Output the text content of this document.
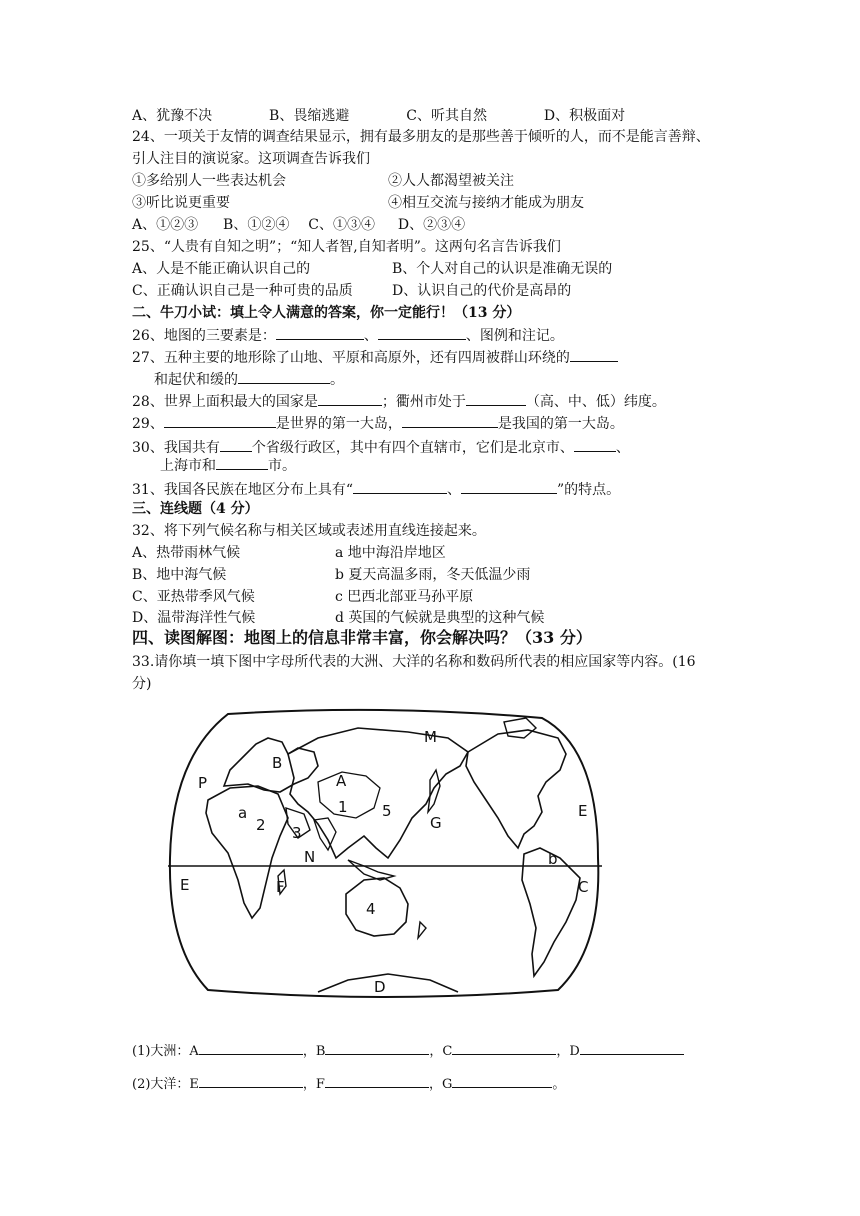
A、犹豫不决	B、畏缩逃避	C、听其自然	D、积极面对
24、一项关于友情的调查结果显示，拥有最多朋友的是那些善于倾听的人，而不是能言善辩、
引人注目的演说家。这项调查告诉我们
①多给别人一些表达机会	②人人都渴望被关注
③听比说更重要	④相互交流与接纳才能成为朋友
A、①②③ B、①②④ C、①③④ D、②③④
25、“人贵有自知之明”；“知人者智,自知者明”。这两句名言告诉我们
A、人是不能正确认识自己的	B、个人对自己的认识是准确无误的
C、正确认识自己是一种可贵的品质	D、认识自己的代价是高昂的
二、牛刀小试：填上令人满意的答案，你一定能行！（13 分）
26、地图的三要素是：	、	、图例和注记。
27、五种主要的地形除了山地、平原和高原外，还有四周被群山环绕的
和起伏和缓的	。
28、世界上面积最大的国家是	；衢州市处于	（高、中、低）纬度。
29、	是世界的第一大岛，	是我国的第一大岛。
30、我国共有 个省级行政区，其中有四个直辖市，它们是北京市、	、
上海市和	市。
31、我国各民族在地区分布上具有“	、	”的特点。
三、连线题（4 分）
32、将下列气候名称与相关区域或表述用直线连接起来。
A、热带雨林气候	a 地中海沿岸地区
B、地中海气候	b 夏天高温多雨，冬天低温少雨
C、亚热带季风气候	c 巴西北部亚马孙平原
D、温带海洋性气候	d 英国的气候就是典型的这种气候
四、读图解图：地图上的信息非常丰富，你会解决吗？（33 分）
33.请你填一填下图中字母所代表的大洲、大洋的名称和数码所代表的相应国家等内容。(16
分)
M
B
P	A
1
a
2
5
G
E
3
N	b
E	F	C
4
D
(1)大洲：A	，B	，C	，D
(2)大洋：E	，F	，G	。
